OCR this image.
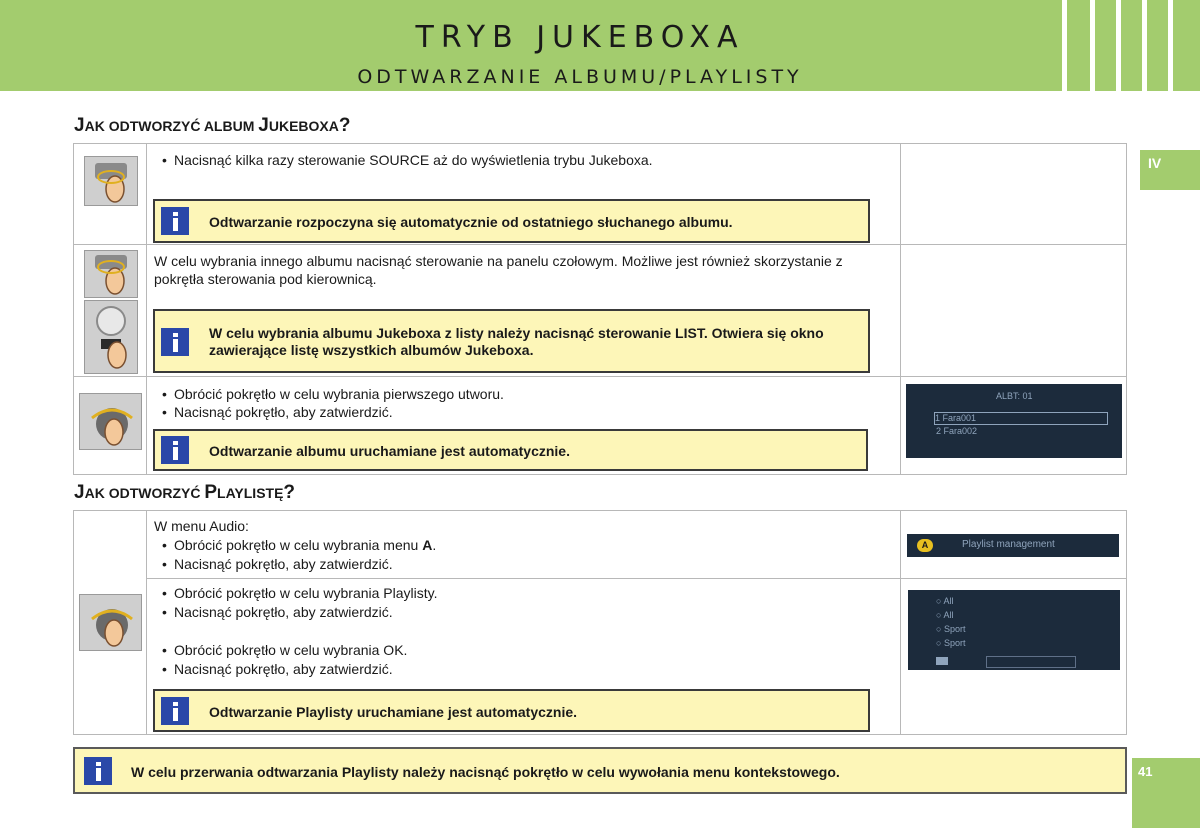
TRYB JUKEBOXA
ODTWARZANIE ALBUMU/PLAYLISTY
IV
41
JAK ODTWORZYĆ ALBUM JUKEBOXA?
• Nacisnąć kilka razy sterowanie SOURCE aż do wyświetlenia trybu Jukeboxa.
Odtwarzanie rozpoczyna się automatycznie od ostatniego słuchanego albumu.
W celu wybrania innego albumu nacisnąć sterowanie na panelu czołowym. Możliwe jest również skorzystanie z pokrętła sterowania pod kierownicą.
W celu wybrania albumu Jukeboxa z listy należy nacisnąć sterowanie LIST. Otwiera się okno zawierające listę wszystkich albumów Jukeboxa.
• Obrócić pokrętło w celu wybrania pierwszego utworu.
• Nacisnąć pokrętło, aby zatwierdzić.
Odtwarzanie albumu uruchamiane jest automatycznie.
ALBT: 01
1 Fara001
2 Fara002
JAK ODTWORZYĆ PLAYLISTĘ?
W menu Audio:
• Obrócić pokrętło w celu wybrania menu A.
• Nacisnąć pokrętło, aby zatwierdzić.
A	Playlist management
• Obrócić pokrętło w celu wybrania Playlisty.
• Nacisnąć pokrętło, aby zatwierdzić.
• Obrócić pokrętło w celu wybrania OK.
• Nacisnąć pokrętło, aby zatwierdzić.
Odtwarzanie Playlisty uruchamiane jest automatycznie.
○ All
○ All
○ Sport
○ Sport
W celu przerwania odtwarzania Playlisty należy nacisnąć pokrętło w celu wywołania menu kontekstowego.
